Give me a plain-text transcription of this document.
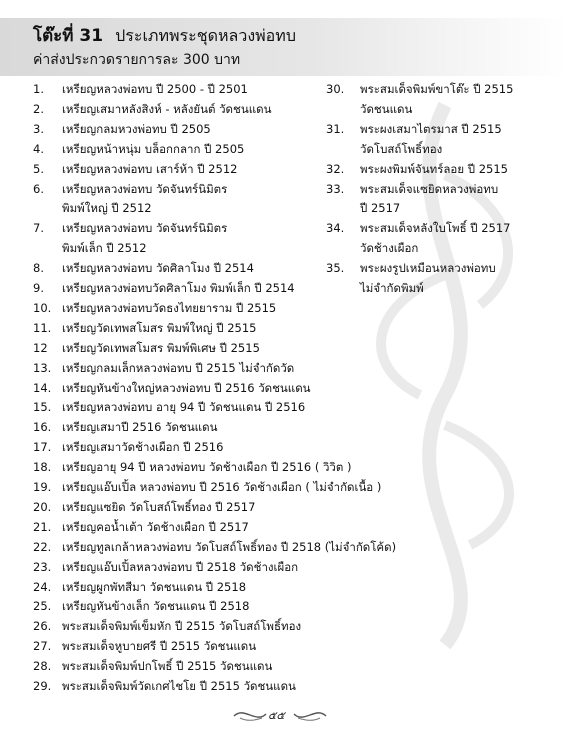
โต๊ะที่ 31 ประเภทพระชุดหลวงพ่อทบ
ค่าส่งประกวดรายการละ 300 บาท
1.	เหรียญหลวงพ่อทบ ปี 2500 - ปี 2501
2.	เหรียญเสมาหลังสิงห์ - หลังยันต์ วัดชนแดน
3.	เหรียญกลมหวงพ่อทบ ปี 2505
4.	เหรียญหน้าหนุ่ม บล็อกกลาก ปี 2505
5.	เหรียญหลวงพ่อทบ เสาร์ห้า ปี 2512
6.	เหรียญหลวงพ่อทบ วัดจันทร์นิมิตร
พิมพ์ใหญ่ ปี 2512
7.	เหรียญหลวงพ่อทบ วัดจันทร์นิมิตร
พิมพ์เล็ก ปี 2512
8.	เหรียญหลวงพ่อทบ วัดศิลาโมง ปี 2514
9.	เหรียญหลวงพ่อทบวัดศิลาโมง พิมพ์เล็ก ปี 2514
10. เหรียญหลวงพ่อทบวัดธงไทยยาราม ปี 2515
11. เหรียญวัดเทพสโมสร พิมพ์ใหญ่ ปี 2515
12	เหรียญวัดเทพสโมสร พิมพ์พิเศษ ปี 2515
13. เหรียญกลมเล็กหลวงพ่อทบ ปี 2515 ไม่จำกัดวัด
14. เหรียญหันข้างใหญ่หลวงพ่อทบ ปี 2516 วัดชนแดน
15. เหรียญหลวงพ่อทบ อายุ 94 ปี วัดชนแดน ปี 2516
16. เหรียญเสมาปี 2516 วัดชนแดน
17. เหรียญเสมาวัดช้างเผือก ปี 2516
18. เหรียญอายุ 94 ปี หลวงพ่อทบ วัดช้างเผือก ปี 2516 ( วิวิต )
19. เหรียญแอ๊บเปิ้ล หลวงพ่อทบ ปี 2516 วัดช้างเผือก ( ไม่จำกัดเนื้อ )
20. เหรียญแซยิด วัดโบสถ์โพธิ์ทอง ปี 2517
21. เหรียญคอน้ำเต้า วัดช้างเผือก ปี 2517
22. เหรียญทูลเกล้าหลวงพ่อทบ วัดโบสถ์โพธิ์ทอง ปี 2518 (ไม่จำกัดโค้ด)
23. เหรียญแอ๊บเปิ้ลหลวงพ่อทบ ปี 2518 วัดช้างเผือก
24. เหรียญผูกพัทสีมา วัดชนแดน ปี 2518
25. เหรียญหันข้างเล็ก วัดชนแดน ปี 2518
26. พระสมเด็จพิมพ์เข็มหัก ปี 2515 วัดโบสถ์โพธิ์ทอง
27. พระสมเด็จหูบายศรี ปี 2515 วัดชนแดน
28. พระสมเด็จพิมพ์ปกโพธิ์ ปี 2515 วัดชนแดน
29. พระสมเด็จพิมพ์วัดเกศไชโย ปี 2515 วัดชนแดน
30.	พระสมเด็จพิมพ์ขาโต๊ะ ปี 2515
วัดชนแดน
31.	พระผงเสมาไตรมาส ปี 2515
วัดโบสถ์โพธิ์ทอง
32.	พระผงพิมพ์จันทร์ลอย ปี 2515
33.	พระสมเด็จแซยิดหลวงพ่อทบ
ปี 2517
34.	พระสมเด็จหลังใบโพธิ์ ปี 2517
วัดช้างเผือก
35.	พระผงรูปเหมือนหลวงพ่อทบ
ไม่จำกัดพิมพ์
๕๕
